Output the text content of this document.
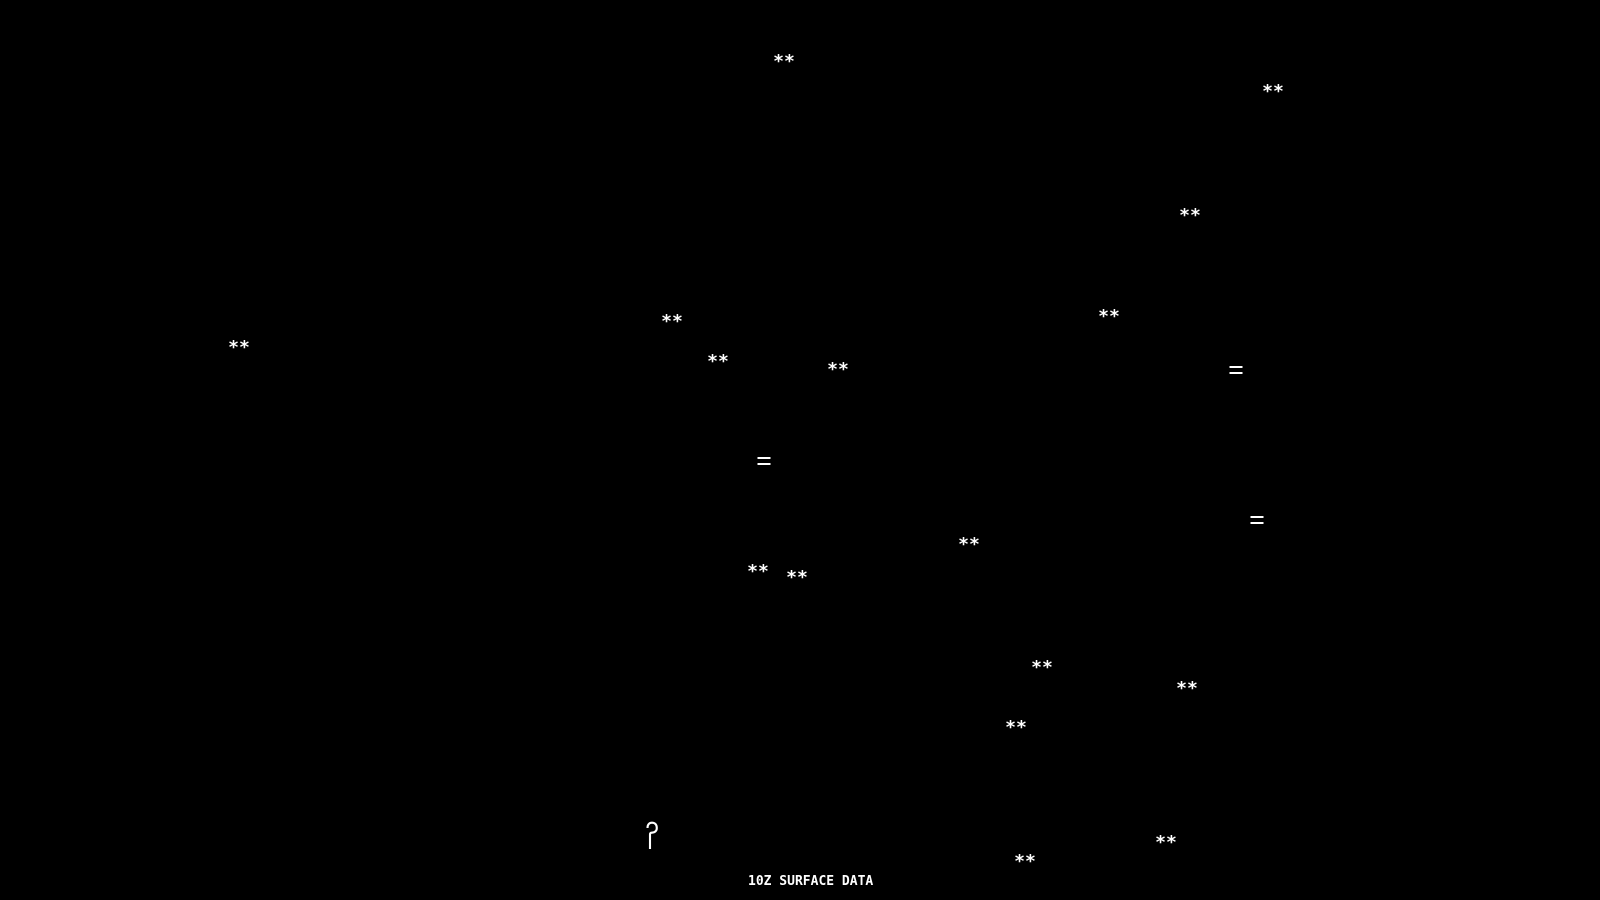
**
**
**
**
**
**
**	**
**
** **
**
**
**
**
**
10Z SURFACE DATA
